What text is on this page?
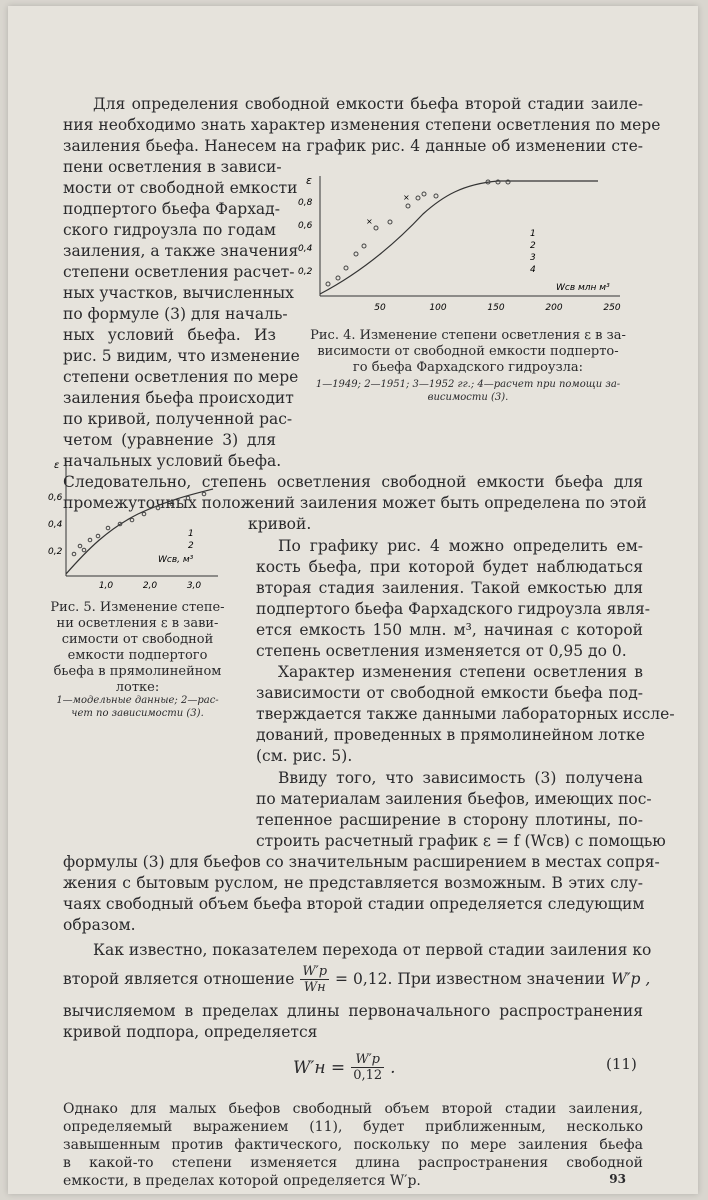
Для определения свободной емкости бьефа второй стадии заиле-
ния необходимо знать характер изменения степени осветления по мере
заиления бьефа. Нанесем на график рис. 4 данные об изменении сте-
пени осветления в зависи-
мости от свободной емкости
подпертого бьефа Фархад-
ского гидроузла по годам
заиления, а также значения
степени осветления расчет-
ных участков, вычисленных
по формуле (3) для началь-
ных условий бьефа. Из
рис. 5 видим, что изменение
степени осветления по мере
заиления бьефа происходит
по кривой, полученной рас-
четом (уравнение 3) для
начальных условий бьефа.
Следовательно, степень осветления свободной емкости бьефа для
промежуточных положений заиления может быть определена по этой
кривой.
ε
0,2
0,4
0,6
0,8
50	100	150	200	250
×
×
1
2
3
4
Wсв млн м³
Рис. 4. Изменение степени осветления ε в за-
висимости от свободной емкости подперто-
го бьефа Фархадского гидроузла:
1—1949; 2—1951; 3—1952 гг.; 4—расчет при помощи за-
висимости (3).
ε
0,2
0,4
0,6
1,0	2,0	3,0
1
2
Wсв, м³
Рис. 5. Изменение степе-
ни осветления ε в зави-
симости от свободной
емкости подпертого
бьефа в прямолинейном
лотке:
1—модельные данные; 2—рас-
чет по зависимости (3).
По графику рис. 4 можно определить ем-
кость бьефа, при которой будет наблюдаться
вторая стадия заиления. Такой емкостью для
подпертого бьефа Фархадского гидроузла явля-
ется емкость 150 млн. м³, начиная с которой
степень осветления изменяется от 0,95 до 0.
Характер изменения степени осветления в
зависимости от свободной емкости бьефа под-
тверждается также данными лабораторных иссле-
дований, проведенных в прямолинейном лотке
(см. рис. 5).
Ввиду того, что зависимость (3) получена
по материалам заиления бьефов, имеющих пос-
тепенное расширение в сторону плотины, по-
строить расчетный график ε = f (Wсв) с помощью
формулы (3) для бьефов со значительным расширением в местах сопря-
жения с бытовым руслом, не представляется возможным. В этих слу-
чаях свободный объем бьефа второй стадии определяется следующим
образом.
Как известно, показателем перехода от первой стадии заиления ко
второй является отношение $\frac{W'р}{Wн} = 0,12$. При известном значении W′р ,
вычисляемом в пределах длины первоначального распространения
кривой подпора, определяется
$W'н = \frac{W'р}{0,12}$ .	(11)
Однако для малых бьефов свободный объем второй стадии заиления,
определяемый выражением (11), будет приближенным, несколько
завышенным против фактического, поскольку по мере заиления бьефа
в какой-то степени изменяется длина распространения свободной
емкости, в пределах которой определяется W′р.	93
